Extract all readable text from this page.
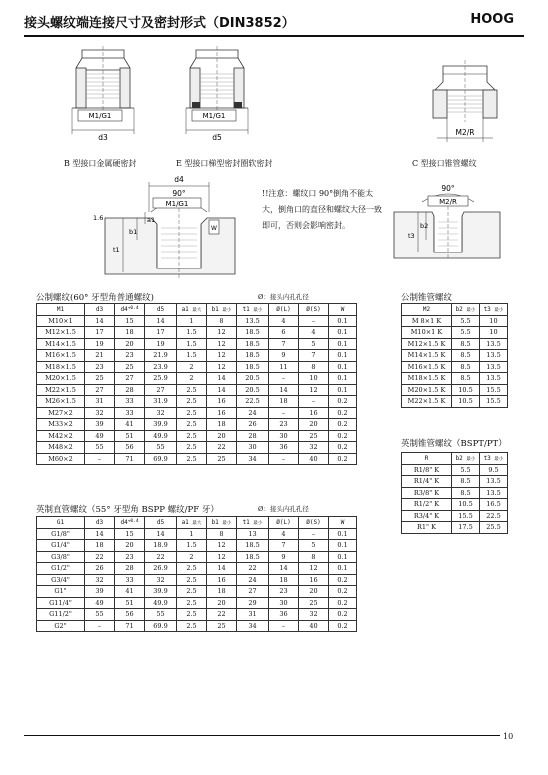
接头螺纹端连接尺寸及密封形式（DIN3852）	HOOG
M1/G1
d3
M1/G1
d5
M2/R
B 型接口金属硬密封	E 型接口梯型密封圈软密封	C 型接口锥管螺纹
d4
90°
M1/G1
W
1.6	a1
b1
t1
!!注意：螺纹口 90°倒角不能太大，倒角口的直径和螺纹大径一致即可，否则会影响密封。
90°
M2/R
t3
b2
公制螺纹(60° 牙型角普通螺纹)	Ø：接头内孔孔径
M1	d3	$d4^{+0.4}$	d5	a1 最大	b1 最小	t1 最小	Ø(L)	Ø(S)	W
M10×1	14	15	14	1	8	13.5	4	–	0.1
M12×1.5	17	18	17	1.5	12	18.5	6	4	0.1
M14×1.5	19	20	19	1.5	12	18.5	7	5	0.1
M16×1.5	21	23	21.9	1.5	12	18.5	9	7	0.1
M18×1.5	23	25	23.9	2	12	18.5	11	8	0.1
M20×1.5	25	27	25.9	2	14	20.5	–	10	0.1
M22×1.5	27	28	27	2.5	14	20.5	14	12	0.1
M26×1.5	31	33	31.9	2.5	16	22.5	18	–	0.2
M27×2	32	33	32	2.5	16	24	–	16	0.2
M33×2	39	41	39.9	2.5	18	26	23	20	0.2
M42×2	49	51	49.9	2.5	20	28	30	25	0.2
M48×2	55	56	55	2.5	22	30	36	32	0.2
M60×2	–	71	69.9	2.5	25	34	–	40	0.2
英制直管螺纹（55° 牙型角 BSPP 螺纹/PF 牙）	Ø：接头内孔孔径
G1	d3	$d4^{+0.4}$	d5	a1 最大	b1 最小	t1 最小	Ø(L)	Ø(S)	W
G1/8"	14	15	14	1	8	13	4	–	0.1
G1/4"	18	20	18.9	1.5	12	18.5	7	5	0.1
G3/8"	22	23	22	2	12	18.5	9	8	0.1
G1/2"	26	28	26.9	2.5	14	22	14	12	0.1
G3/4"	32	33	32	2.5	16	24	18	16	0.2
G1"	39	41	39.9	2.5	18	27	23	20	0.2
G11/4"	49	51	49.9	2.5	20	29	30	25	0.2
G11/2"	55	56	55	2.5	22	31	36	32	0.2
G2"	–	71	69.9	2.5	25	34	–	40	0.2
公制锥管螺纹
M2	b2 最小	t3 最小
M 8×1 K	5.5	10
M10×1 K	5.5	10
M12×1.5 K	8.5	13.5
M14×1.5 K	8.5	13.5
M16×1.5 K	8.5	13.5
M18×1.5 K	8.5	13.5
M20×1.5 K	10.5	15.5
M22×1.5 K	10.5	15.5
英制锥管螺纹（BSPT/PT）
R	b2 最小	t3 最小
R1/8" K	5.5	9.5
R1/4" K	8.5	13.5
R3/8" K	8.5	13.5
R1/2" K	10.5	16.5
R3/4" K	15.5	22.5
R1" K	17.5	25.5
10
